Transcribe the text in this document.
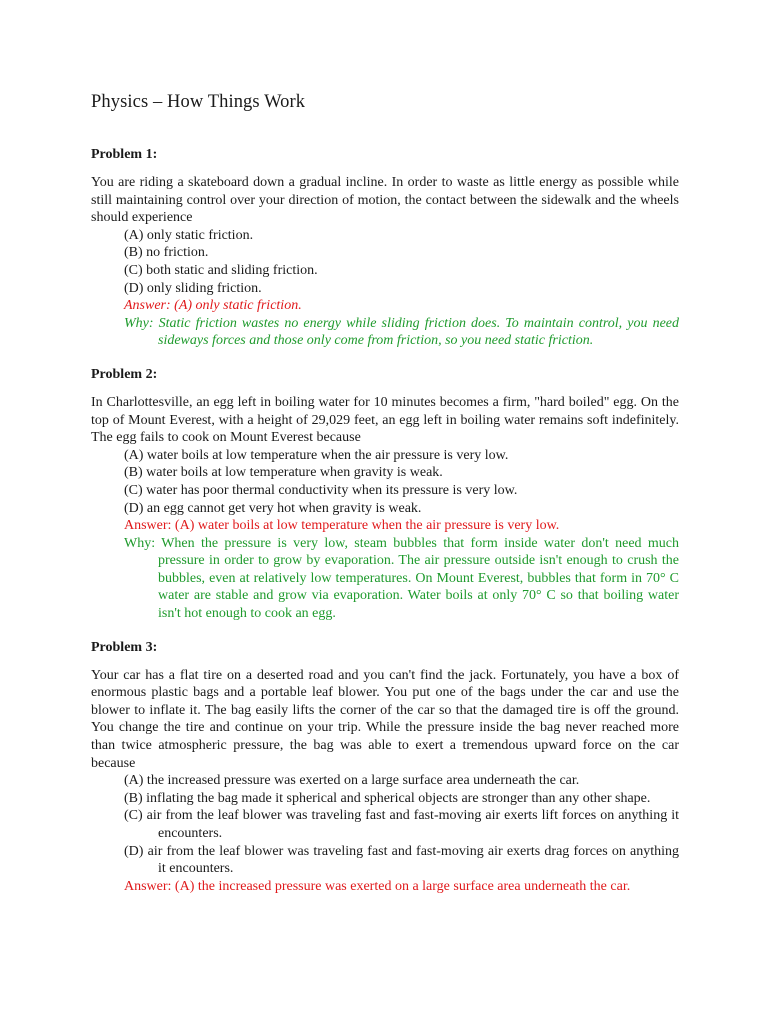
Physics – How Things Work
Problem 1:

You are riding a skateboard down a gradual incline. In order to waste as little energy as possible while still maintaining control over your direction of motion, the contact between the sidewalk and the wheels should experience

(A) only static friction.
(B) no friction.
(C) both static and sliding friction.
(D) only sliding friction.
Answer: (A) only static friction.
Why: Static friction wastes no energy while sliding friction does. To maintain control, you need sideways forces and those only come from friction, so you need static friction.
Problem 2:

In Charlottesville, an egg left in boiling water for 10 minutes becomes a firm, "hard boiled" egg. On the top of Mount Everest, with a height of 29,029 feet, an egg left in boiling water remains soft indefinitely. The egg fails to cook on Mount Everest because

(A) water boils at low temperature when the air pressure is very low.
(B) water boils at low temperature when gravity is weak.
(C) water has poor thermal conductivity when its pressure is very low.
(D) an egg cannot get very hot when gravity is weak.
Answer: (A) water boils at low temperature when the air pressure is very low.
Why: When the pressure is very low, steam bubbles that form inside water don't need much pressure in order to grow by evaporation. The air pressure outside isn't enough to crush the bubbles, even at relatively low temperatures. On Mount Everest, bubbles that form in 70° C water are stable and grow via evaporation. Water boils at only 70° C so that boiling water isn't hot enough to cook an egg.
Problem 3:

Your car has a flat tire on a deserted road and you can't find the jack. Fortunately, you have a box of enormous plastic bags and a portable leaf blower. You put one of the bags under the car and use the blower to inflate it. The bag easily lifts the corner of the car so that the damaged tire is off the ground. You change the tire and continue on your trip. While the pressure inside the bag never reached more than twice atmospheric pressure, the bag was able to exert a tremendous upward force on the car because

(A) the increased pressure was exerted on a large surface area underneath the car.
(B) inflating the bag made it spherical and spherical objects are stronger than any other shape.
(C) air from the leaf blower was traveling fast and fast-moving air exerts lift forces on anything it encounters.
(D) air from the leaf blower was traveling fast and fast-moving air exerts drag forces on anything it encounters.
Answer: (A) the increased pressure was exerted on a large surface area underneath the car.
